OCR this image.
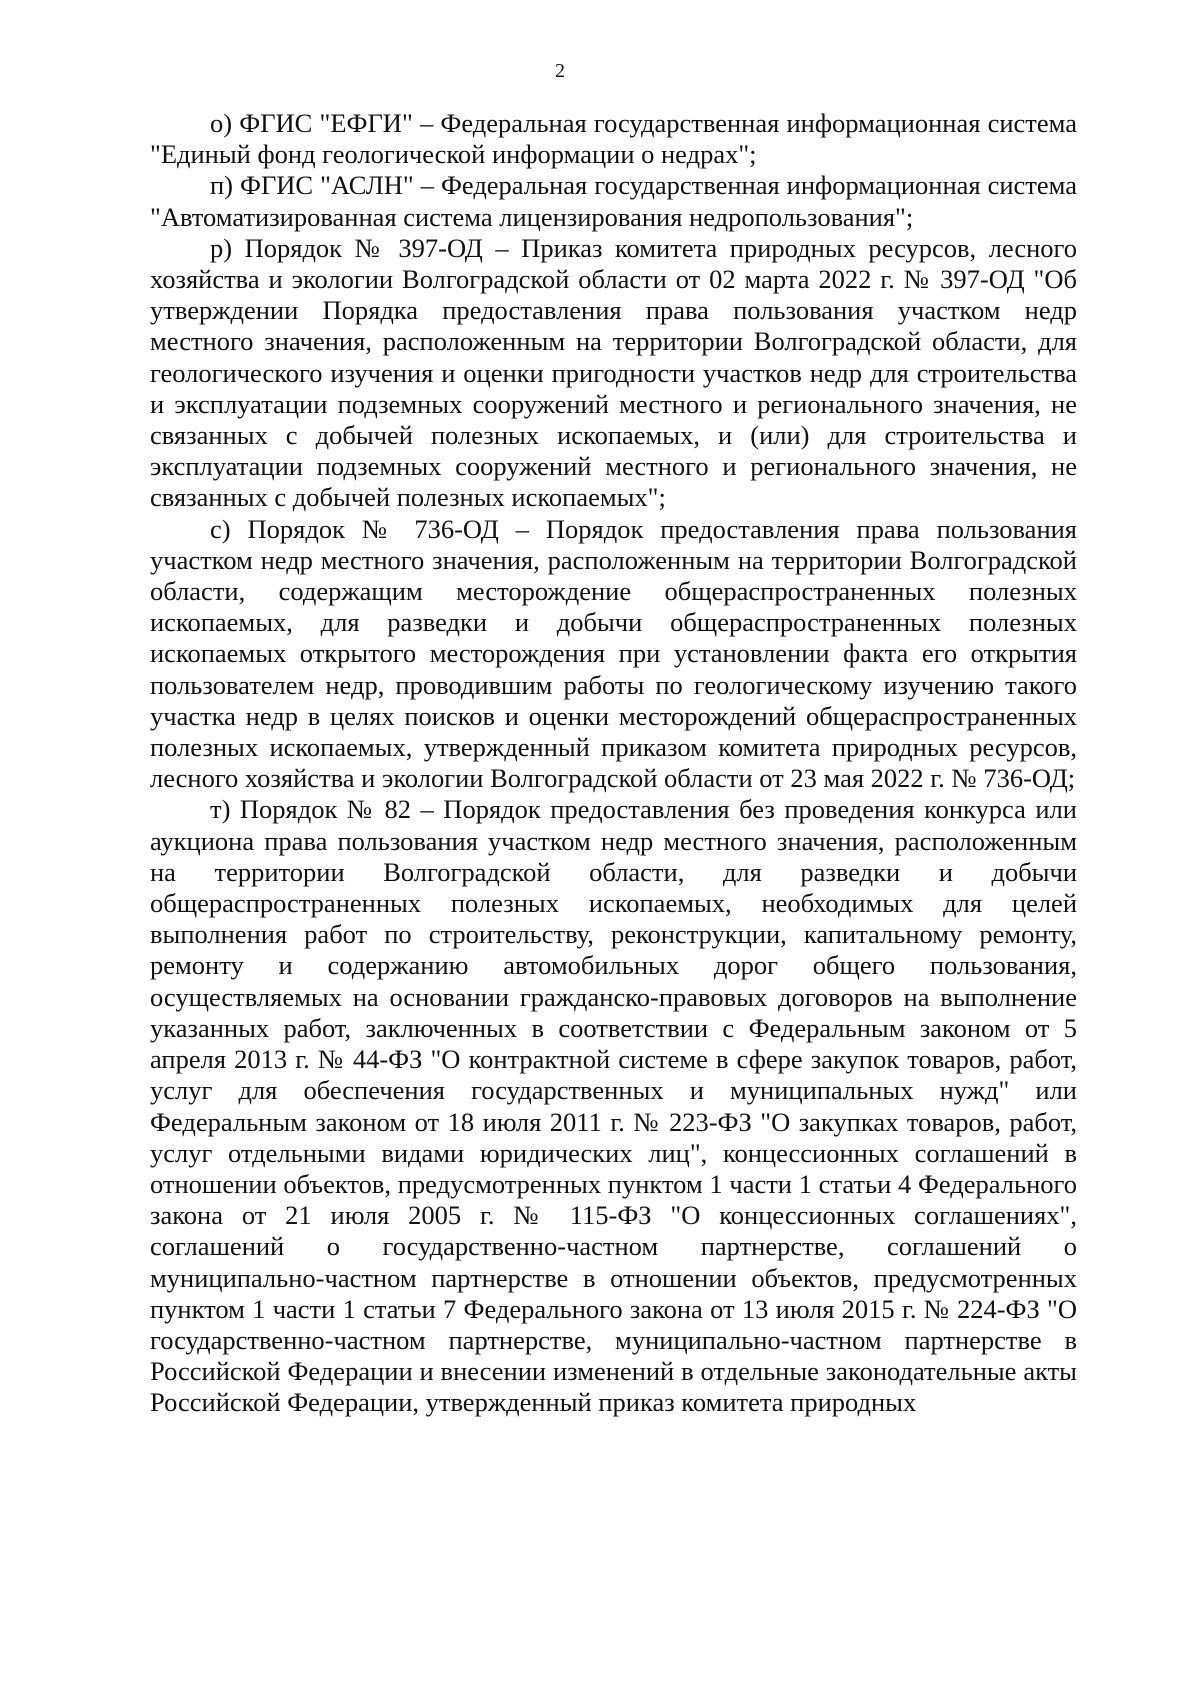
2

о) ФГИС "ЕФГИ" – Федеральная государственная информационная система "Единый фонд геологической информации о недрах";

п) ФГИС "АСЛН" – Федеральная государственная информационная система "Автоматизированная система лицензирования недропользования";

р) Порядок № 397-ОД – Приказ комитета природных ресурсов, лесного хозяйства и экологии Волгоградской области от 02 марта 2022 г. № 397-ОД "Об утверждении Порядка предоставления права пользования участком недр местного значения, расположенным на территории Волгоградской области, для геологического изучения и оценки пригодности участков недр для строительства и эксплуатации подземных сооружений местного и регионального значения, не связанных с добычей полезных ископаемых, и (или) для строительства и эксплуатации подземных сооружений местного и регионального значения, не связанных с добычей полезных ископаемых";

с) Порядок № 736-ОД – Порядок предоставления права пользования участком недр местного значения, расположенным на территории Волгоградской области, содержащим месторождение общераспространенных полезных ископаемых, для разведки и добычи общераспространенных полезных ископаемых открытого месторождения при установлении факта его открытия пользователем недр, проводившим работы по геологическому изучению такого участка недр в целях поисков и оценки месторождений общераспространенных полезных ископаемых, утвержденный приказом комитета природных ресурсов, лесного хозяйства и экологии Волгоградской области от 23 мая 2022 г. № 736-ОД;

т) Порядок № 82 – Порядок предоставления без проведения конкурса или аукциона права пользования участком недр местного значения, расположенным на территории Волгоградской области, для разведки и добычи общераспространенных полезных ископаемых, необходимых для целей выполнения работ по строительству, реконструкции, капитальному ремонту, ремонту и содержанию автомобильных дорог общего пользования, осуществляемых на основании гражданско-правовых договоров на выполнение указанных работ, заключенных в соответствии с Федеральным законом от 5 апреля 2013 г. № 44-ФЗ "О контрактной системе в сфере закупок товаров, работ, услуг для обеспечения государственных и муниципальных нужд" или Федеральным законом от 18 июля 2011 г. № 223-ФЗ "О закупках товаров, работ, услуг отдельными видами юридических лиц", концессионных соглашений в отношении объектов, предусмотренных пунктом 1 части 1 статьи 4 Федерального закона от 21 июля 2005 г. № 115-ФЗ "О концессионных соглашениях", соглашений о государственно-частном партнерстве, соглашений о муниципально-частном партнерстве в отношении объектов, предусмотренных пунктом 1 части 1 статьи 7 Федерального закона от 13 июля 2015 г. № 224-ФЗ "О государственно-частном партнерстве, муниципально-частном партнерстве в Российской Федерации и внесении изменений в отдельные законодательные акты Российской Федерации, утвержденный приказ комитета природных
